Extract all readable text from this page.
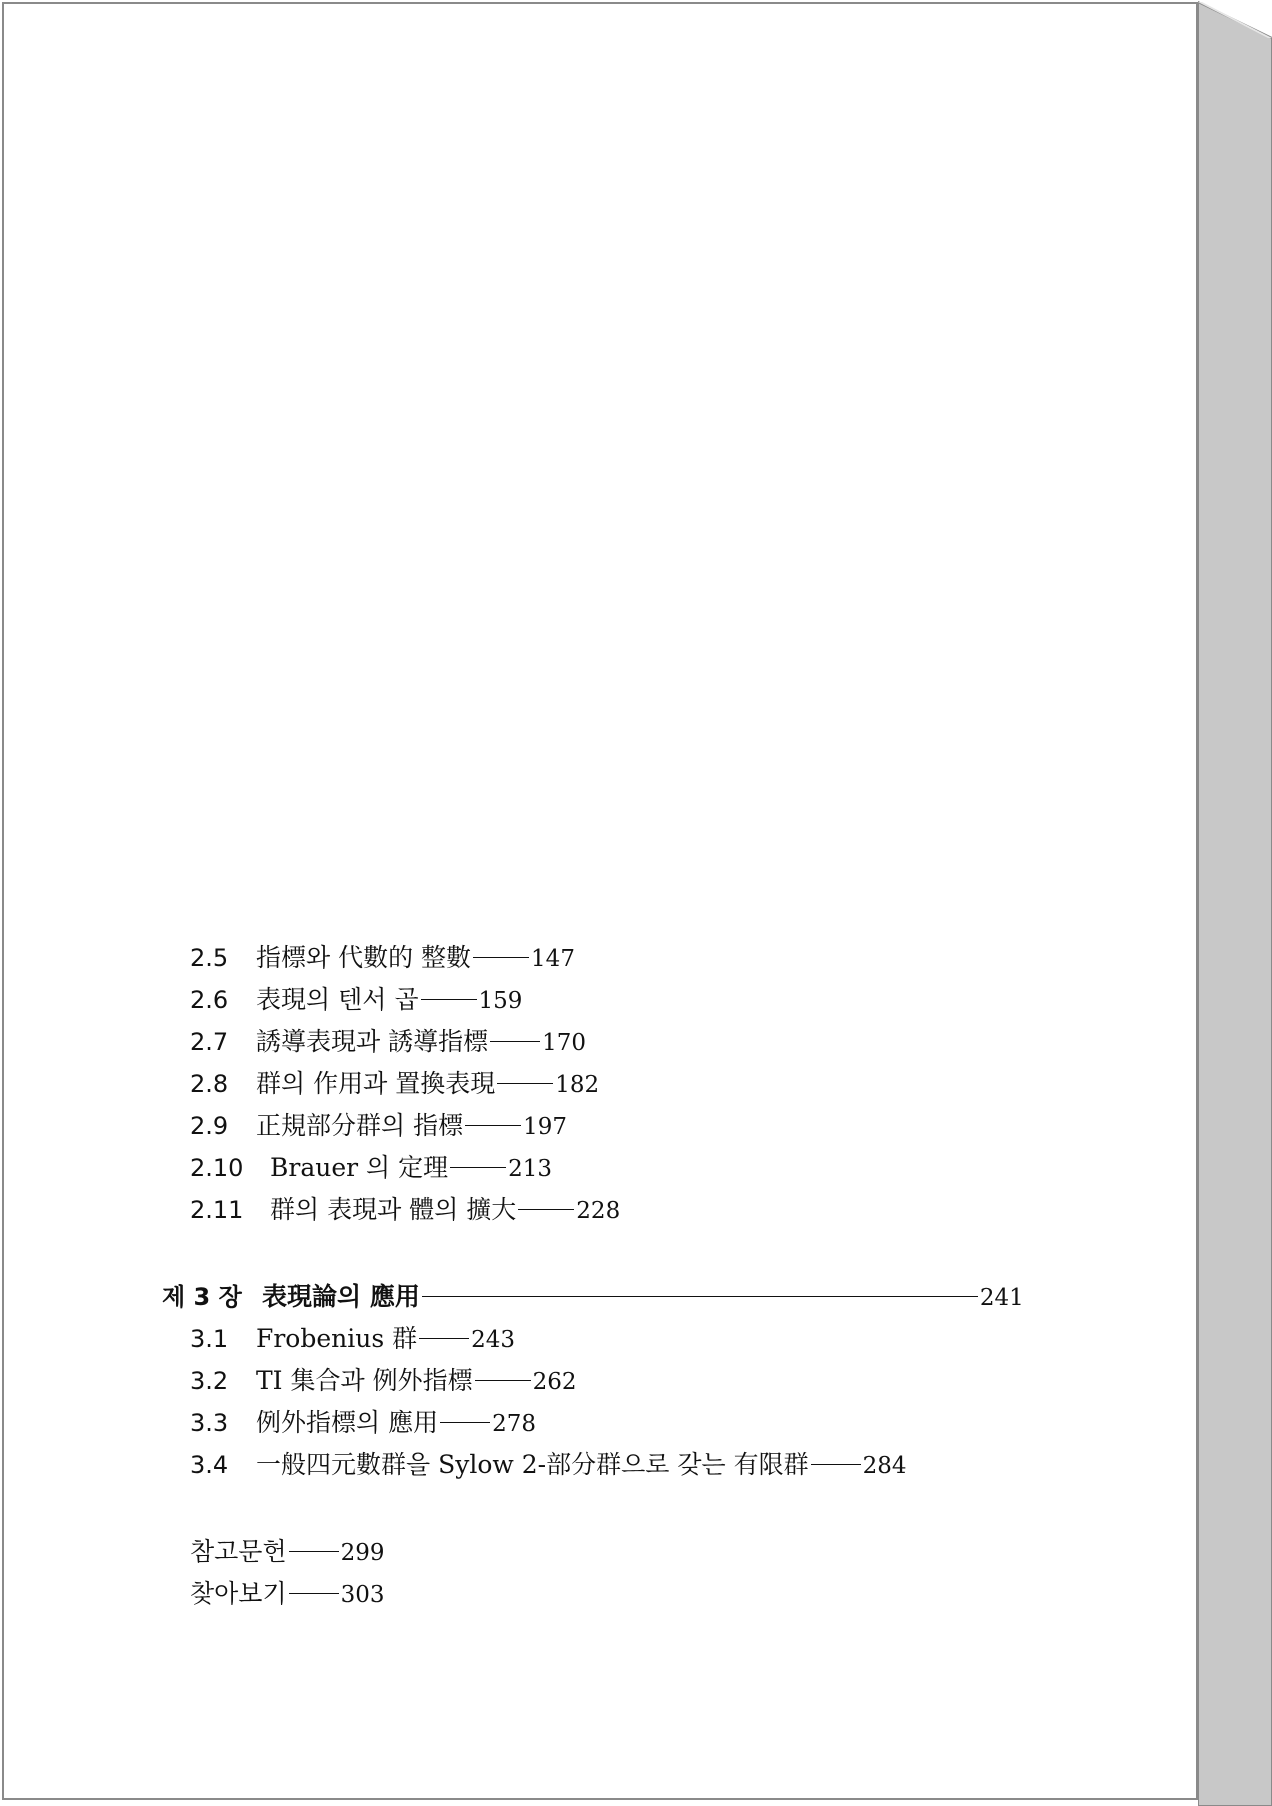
2.5 指標와 代數的 整數	147
2.6 表現의 텐서 곱	159
2.7 誘導表現과 誘導指標 170
2.8 群의 作用과 置換表現	182
2.9 正規部分群의 指標	197
2.10 Brauer 의 定理	213
2.11 群의 表現과 體의 擴大	228
제 3 장 表現論의 應用	241
3.1 Frobenius 群 243
3.2 TI 集合과 例外指標	262
3.3 例外指標의 應用 278
3.4 一般四元數群을 Sylow 2-部分群으로 갖는 有限群 284
참고문헌 299
찾아보기 303
